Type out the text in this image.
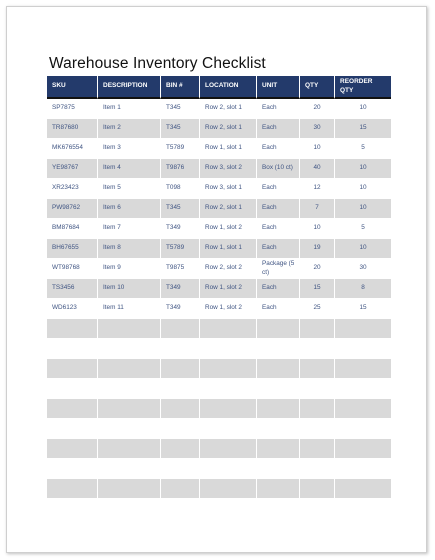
Warehouse Inventory Checklist
SKU	DESCRIPTION	BIN #	LOCATION	UNIT	QTY	REORDER QTY
SP7875	Item 1	T345	Row 2, slot 1	Each	20	10
TR87680	Item 2	T345	Row 2, slot 1	Each	30	15
MK676554	Item 3	T5789	Row 1, slot 1	Each	10	5
YE98767	Item 4	T9876	Row 3, slot 2	Box (10 ct)	40	10
XR23423	Item 5	T098	Row 3, slot 1	Each	12	10
PW98762	Item 6	T345	Row 2, slot 1	Each	7	10
BM87684	Item 7	T349	Row 1, slot 2	Each	10	5
BH67655	Item 8	T5789	Row 1, slot 1	Each	19	10
WT98768	Item 9	T9875	Row 2, slot 2	Package (5 ct)	20	30
TS3456	Item 10	T349	Row 1, slot 2	Each	15	8
WD6123	Item 11	T349	Row 1, slot 2	Each	25	15
